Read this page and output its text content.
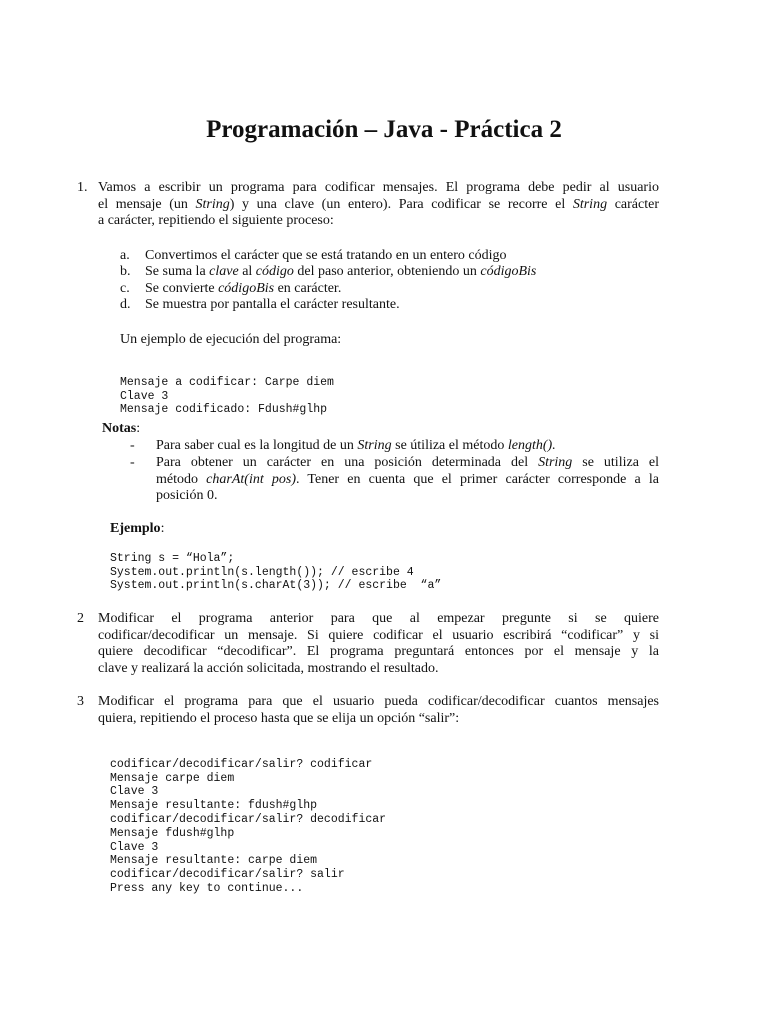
Programación – Java - Práctica 2
1. Vamos a escribir un programa para codificar mensajes. El programa debe pedir al usuario
el mensaje (un String) y una clave (un entero). Para codificar se recorre el String carácter
a carácter, repitiendo el siguiente proceso:
a.	Convertimos el carácter que se está tratando en un entero código
b.	Se suma la clave al código del paso anterior, obteniendo un códigoBis
c.	Se convierte códigoBis en carácter.
d.	Se muestra por pantalla el carácter resultante.
Un ejemplo de ejecución del programa:

Mensaje a codificar: Carpe diem
Clave 3
Mensaje codificado: Fdush#glhp

Notas:
- Para saber cual es la longitud de un String se útiliza el método length().
- Para obtener un carácter en una posición determinada del String se utiliza el
método charAt(int pos). Tener en cuenta que el primer carácter corresponde a la
posición 0.
Ejemplo:

String s = “Hola”;
System.out.println(s.length()); // escribe 4
System.out.println(s.charAt(3)); // escribe  “a”

2 Modificar el programa anterior para que al empezar pregunte si se quiere
codificar/decodificar un mensaje. Si quiere codificar el usuario escribirá “codificar” y si
quiere decodificar “decodificar”. El programa preguntará entonces por el mensaje y la
clave y realizará la acción solicitada, mostrando el resultado.
3 Modificar el programa para que el usuario pueda codificar/decodificar cuantos mensajes
quiera, repitiendo el proceso hasta que se elija un opción “salir”:

codificar/decodificar/salir? codificar
Mensaje carpe diem
Clave 3
Mensaje resultante: fdush#glhp
codificar/decodificar/salir? decodificar
Mensaje fdush#glhp
Clave 3
Mensaje resultante: carpe diem
codificar/decodificar/salir? salir
Press any key to continue...
